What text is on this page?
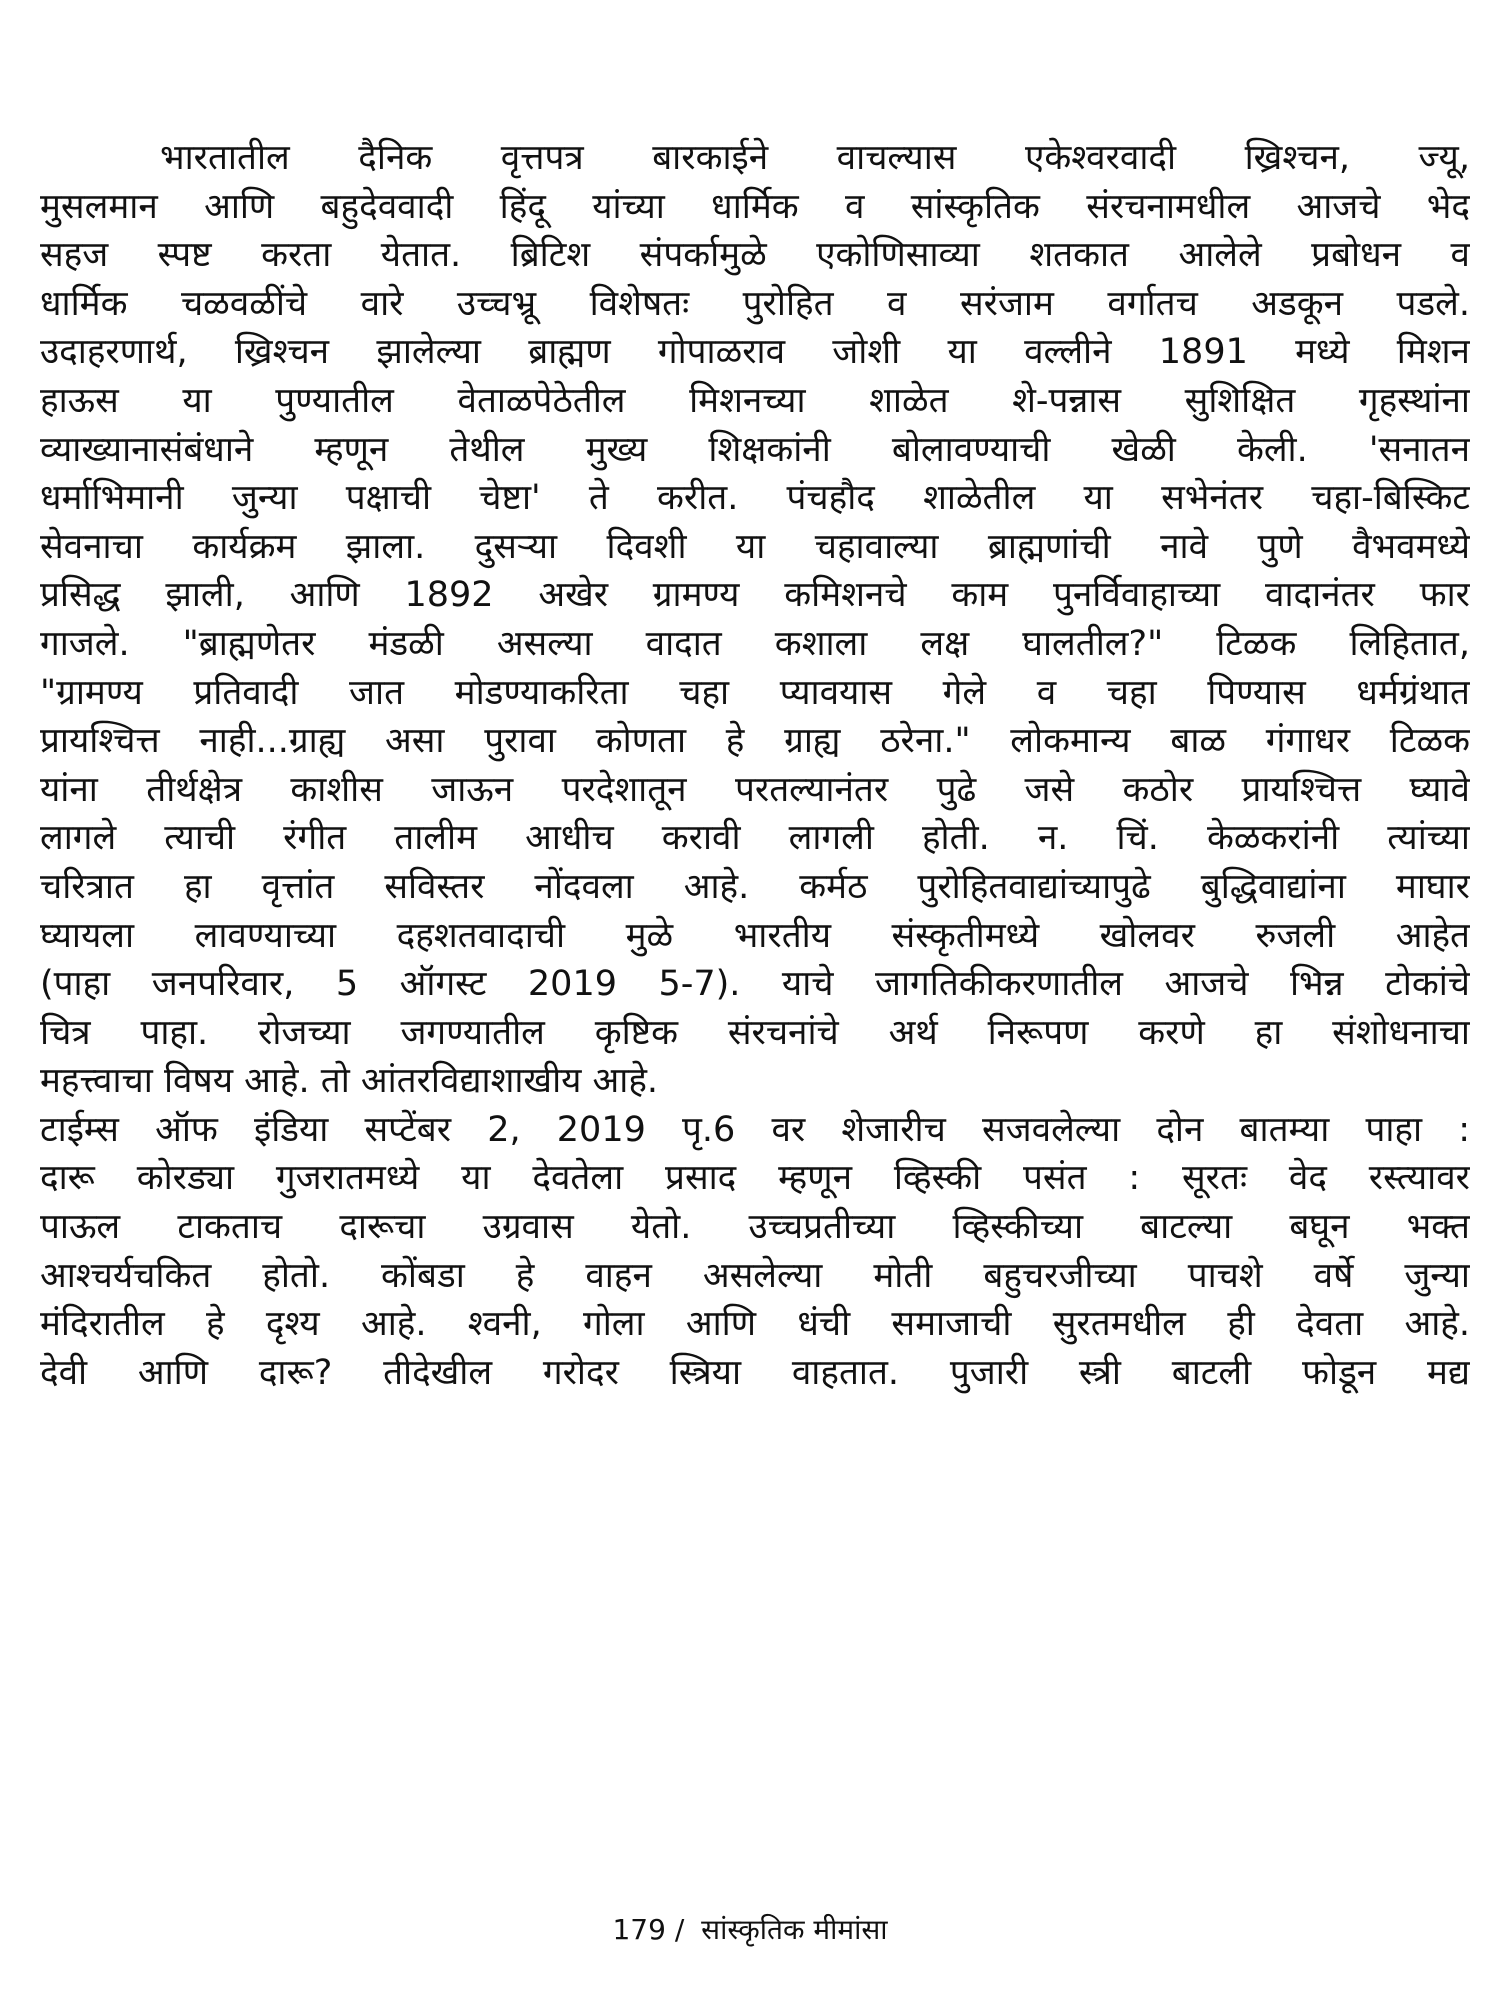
भारतातील दैनिक वृत्तपत्र बारकाईने वाचल्यास एकेश्वरवादी ख्रिश्चन, ज्यू,
मुसलमान आणि बहुदेववादी हिंदू यांच्या धार्मिक व सांस्कृतिक संरचनामधील आजचे भेद
सहज स्पष्ट करता येतात. ब्रिटिश संपर्कामुळे एकोणिसाव्या शतकात आलेले प्रबोधन व
धार्मिक चळवळींचे वारे उच्चभ्रू विशेषतः पुरोहित व सरंजाम वर्गातच अडकून पडले.
उदाहरणार्थ, ख्रिश्चन झालेल्या ब्राह्मण गोपाळराव जोशी या वल्लीने 1891 मध्ये मिशन
हाऊस या पुण्यातील वेताळपेठेतील मिशनच्या शाळेत शे-पन्नास सुशिक्षित गृहस्थांना
व्याख्यानासंबंधाने म्हणून तेथील मुख्य शिक्षकांनी बोलावण्याची खेळी केली. 'सनातन
धर्माभिमानी जुन्या पक्षाची चेष्टा' ते करीत. पंचहौद शाळेतील या सभेनंतर चहा-बिस्किट
सेवनाचा कार्यक्रम झाला. दुसऱ्या दिवशी या चहावाल्या ब्राह्मणांची नावे पुणे वैभवमध्ये
प्रसिद्ध झाली, आणि 1892 अखेर ग्रामण्य कमिशनचे काम पुनर्विवाहाच्या वादानंतर फार
गाजले. "ब्राह्मणेतर मंडळी असल्या वादात कशाला लक्ष घालतील?" टिळक लिहितात,
"ग्रामण्य प्रतिवादी जात मोडण्याकरिता चहा प्यावयास गेले व चहा पिण्यास धर्मग्रंथात
प्रायश्चित्त नाही...ग्राह्य असा पुरावा कोणता हे ग्राह्य ठरेना." लोकमान्य बाळ गंगाधर टिळक
यांना तीर्थक्षेत्र काशीस जाऊन परदेशातून परतल्यानंतर पुढे जसे कठोर प्रायश्चित्त घ्यावे
लागले त्याची रंगीत तालीम आधीच करावी लागली होती. न. चिं. केळकरांनी त्यांच्या
चरित्रात हा वृत्तांत सविस्तर नोंदवला आहे. कर्मठ पुरोहितवाद्यांच्यापुढे बुद्धिवाद्यांना माघार
घ्यायला लावण्याच्या दहशतवादाची मुळे भारतीय संस्कृतीमध्ये खोलवर रुजली आहेत
(पाहा जनपरिवार, 5 ऑगस्ट 2019 5-7). याचे जागतिकीकरणातील आजचे भिन्न टोकांचे
चित्र पाहा. रोजच्या जगण्यातील कृष्टिक संरचनांचे अर्थ निरूपण करणे हा संशोधनाचा
महत्त्वाचा विषय आहे. तो आंतरविद्याशाखीय आहे.
टाईम्स ऑफ इंडिया सप्टेंबर 2, 2019 पृ.6 वर शेजारीच सजवलेल्या दोन बातम्या पाहा :
दारू कोरड्या गुजरातमध्ये या देवतेला प्रसाद म्हणून व्हिस्की पसंत : सूरतः वेद रस्त्यावर
पाऊल टाकताच दारूचा उग्रवास येतो. उच्चप्रतीच्या व्हिस्कीच्या बाटल्या बघून भक्त
आश्चर्यचकित होतो. कोंबडा हे वाहन असलेल्या मोती बहुचरजीच्या पाचशे वर्षे जुन्या
मंदिरातील हे दृश्य आहे. श्वनी, गोला आणि धंची समाजाची सुरतमधील ही देवता आहे.
देवी आणि दारू? तीदेखील गरोदर स्त्रिया वाहतात. पुजारी स्त्री बाटली फोडून मद्य
179 / सांस्कृतिक मीमांसा
